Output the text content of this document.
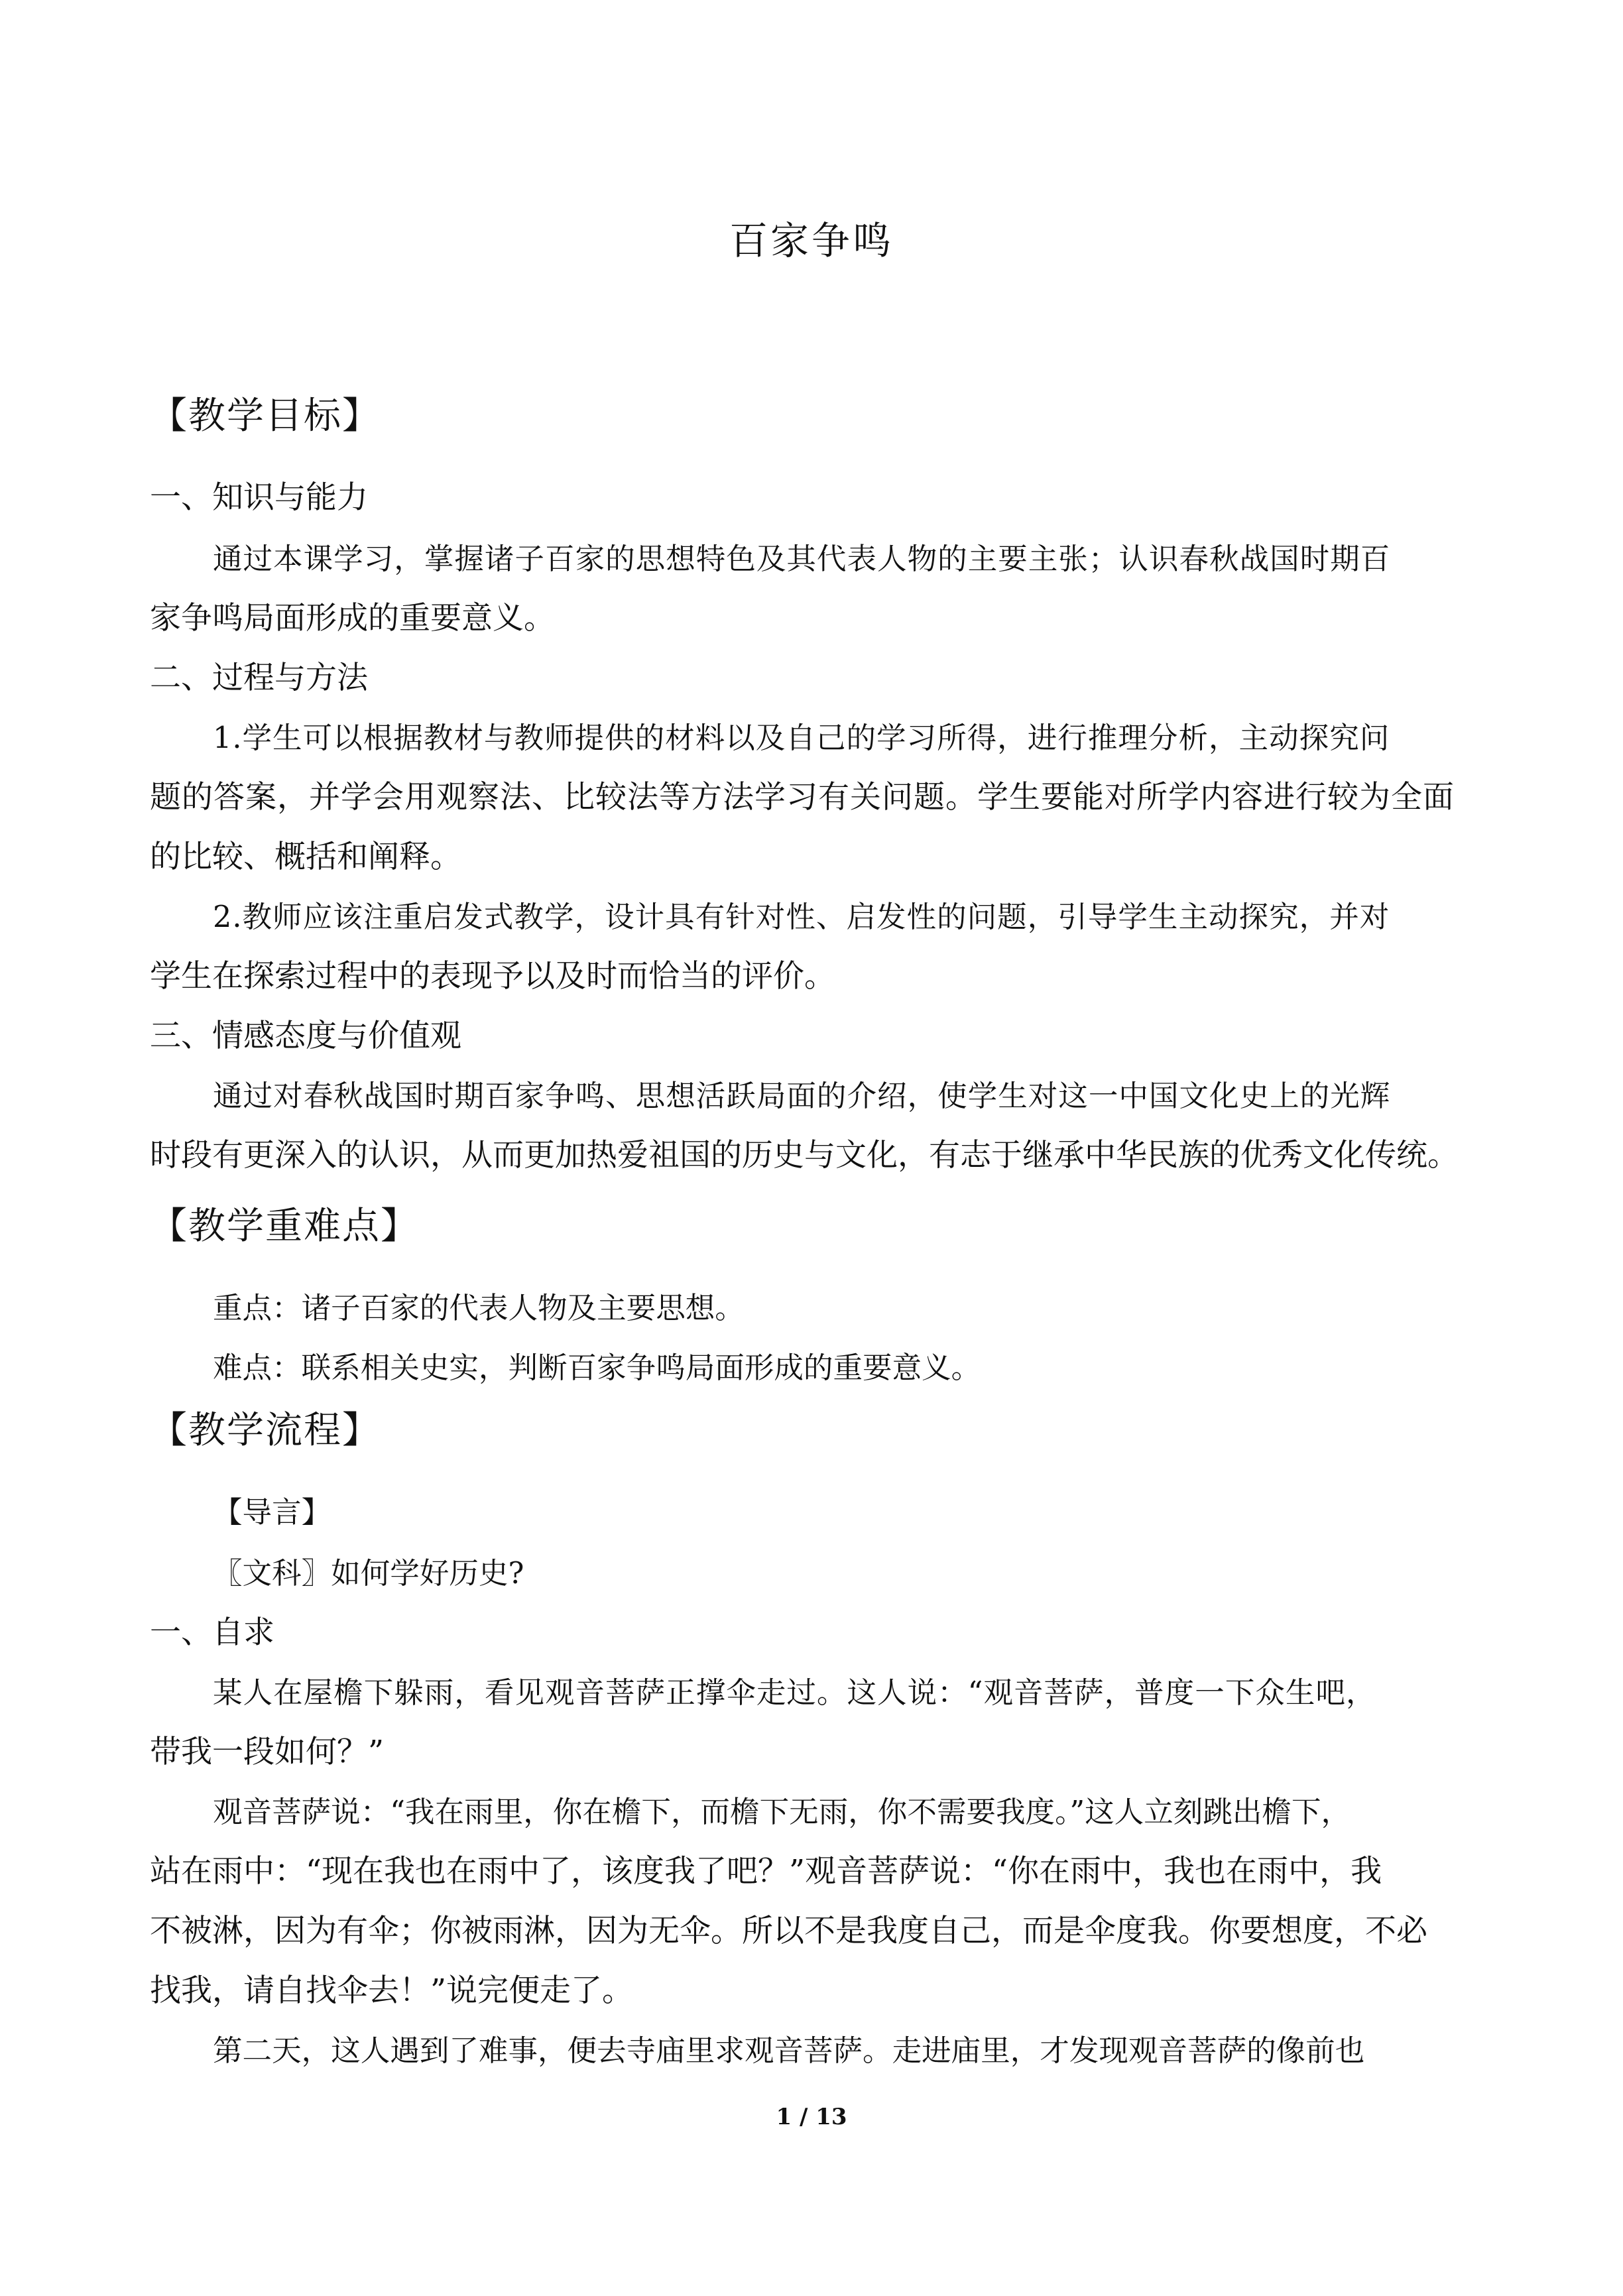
百家争鸣
【教学目标】
一、知识与能力
通过本课学习，掌握诸子百家的思想特色及其代表人物的主要主张；认识春秋战国时期百
家争鸣局面形成的重要意义。
二、过程与方法
1.学生可以根据教材与教师提供的材料以及自己的学习所得，进行推理分析，主动探究问
题的答案，并学会用观察法、比较法等方法学习有关问题。学生要能对所学内容进行较为全面
的比较、概括和阐释。
2.教师应该注重启发式教学，设计具有针对性、启发性的问题，引导学生主动探究，并对
学生在探索过程中的表现予以及时而恰当的评价。
三、情感态度与价值观
通过对春秋战国时期百家争鸣、思想活跃局面的介绍，使学生对这一中国文化史上的光辉
时段有更深入的认识，从而更加热爱祖国的历史与文化，有志于继承中华民族的优秀文化传统。
【教学重难点】
重点：诸子百家的代表人物及主要思想。
难点：联系相关史实，判断百家争鸣局面形成的重要意义。
【教学流程】
【导言】
〖文科〗如何学好历史?
一、自求
某人在屋檐下躲雨，看见观音菩萨正撑伞走过。这人说：“观音菩萨，普度一下众生吧，
带我一段如何？”
观音菩萨说：“我在雨里，你在檐下，而檐下无雨，你不需要我度。”这人立刻跳出檐下，
站在雨中：“现在我也在雨中了，该度我了吧？”观音菩萨说：“你在雨中，我也在雨中，我
不被淋，因为有伞；你被雨淋，因为无伞。所以不是我度自己，而是伞度我。你要想度，不必
找我，请自找伞去！”说完便走了。
第二天，这人遇到了难事，便去寺庙里求观音菩萨。走进庙里，才发现观音菩萨的像前也
1 / 13
